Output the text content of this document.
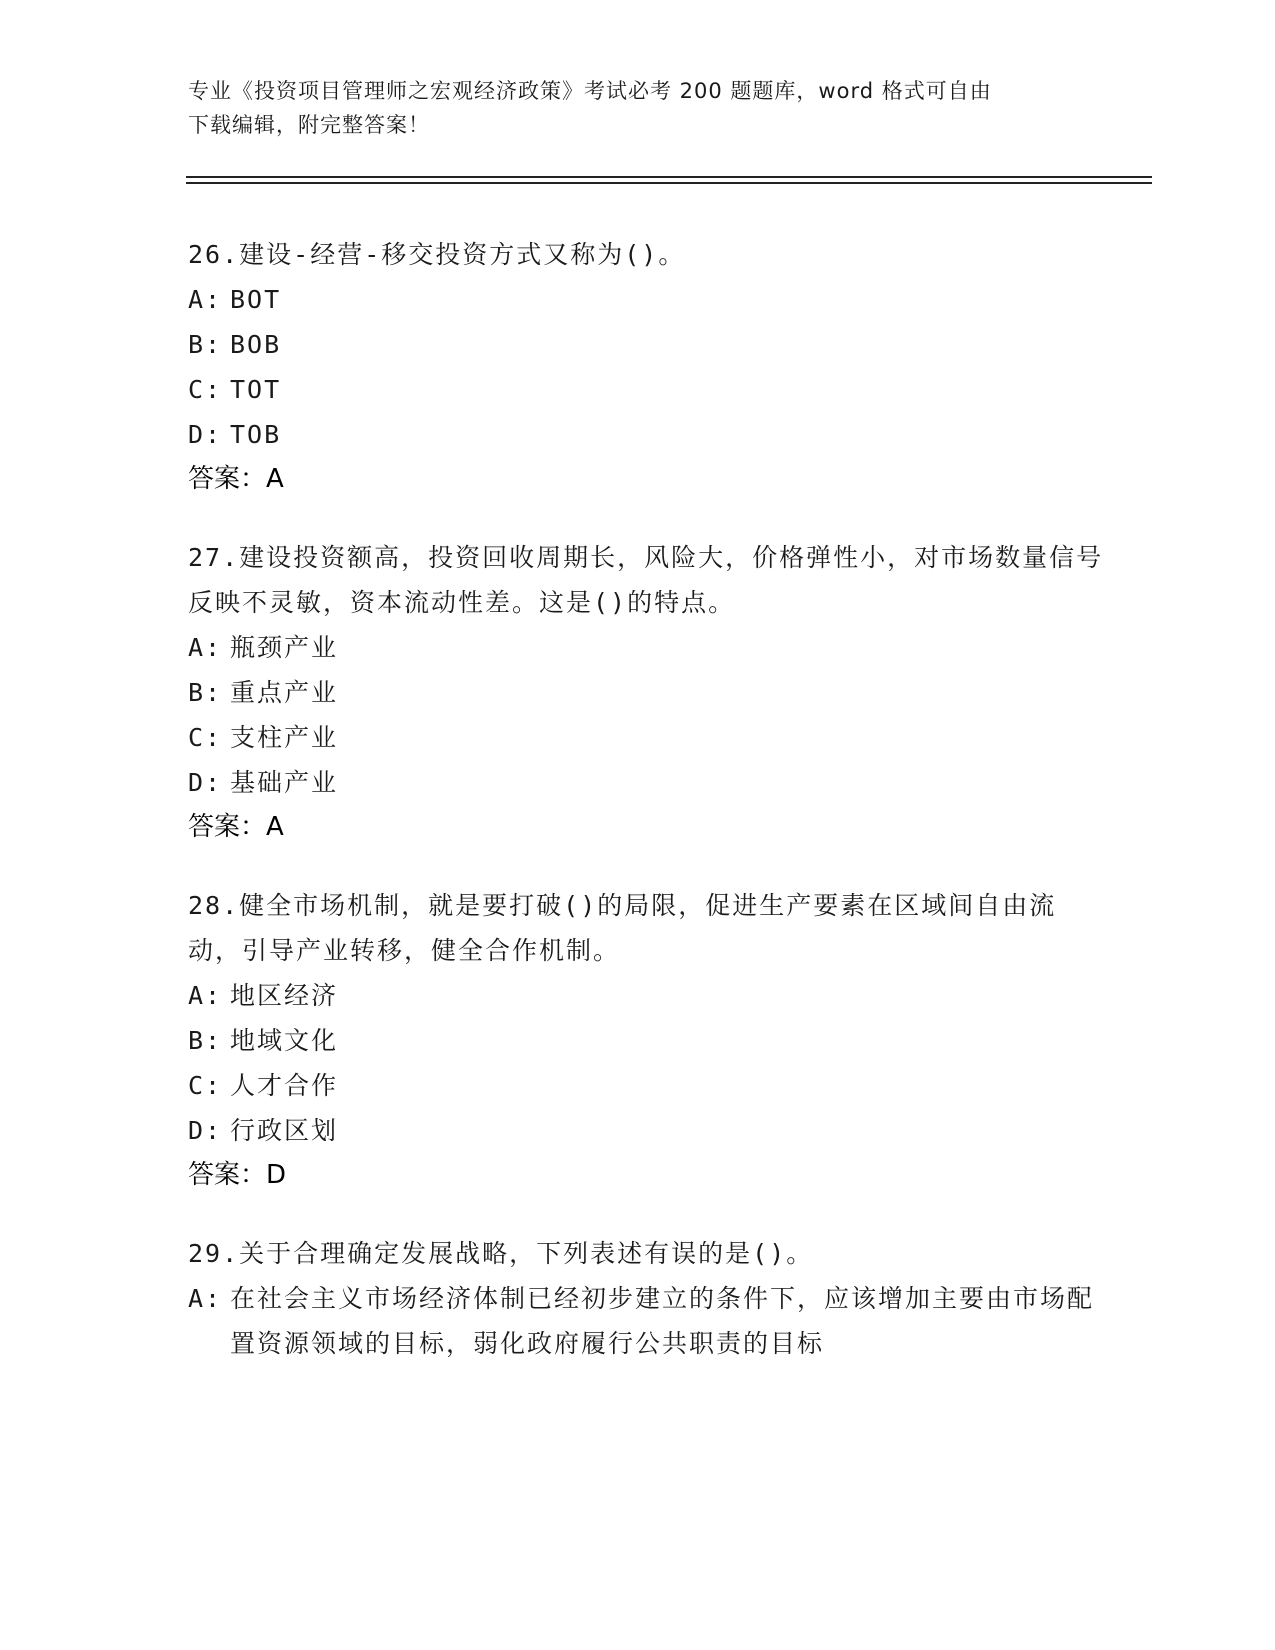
专业《投资项目管理师之宏观经济政策》考试必考 200 题题库，word 格式可自由
下载编辑，附完整答案！
26.建设-经营-移交投资方式又称为()。
A: BOT
B: BOB
C: TOT
D: TOB
答案：A
27.建设投资额高，投资回收周期长，风险大，价格弹性小，对市场数量信号反映不灵敏，资本流动性差。这是()的特点。
A: 瓶颈产业
B: 重点产业
C: 支柱产业
D: 基础产业
答案：A
28.健全市场机制，就是要打破()的局限，促进生产要素在区域间自由流动，引导产业转移，健全合作机制。
A: 地区经济
B: 地域文化
C: 人才合作
D: 行政区划
答案：D
29.关于合理确定发展战略，下列表述有误的是()。
A: 在社会主义市场经济体制已经初步建立的条件下，应该增加主要由市场配置资源领域的目标，弱化政府履行公共职责的目标
